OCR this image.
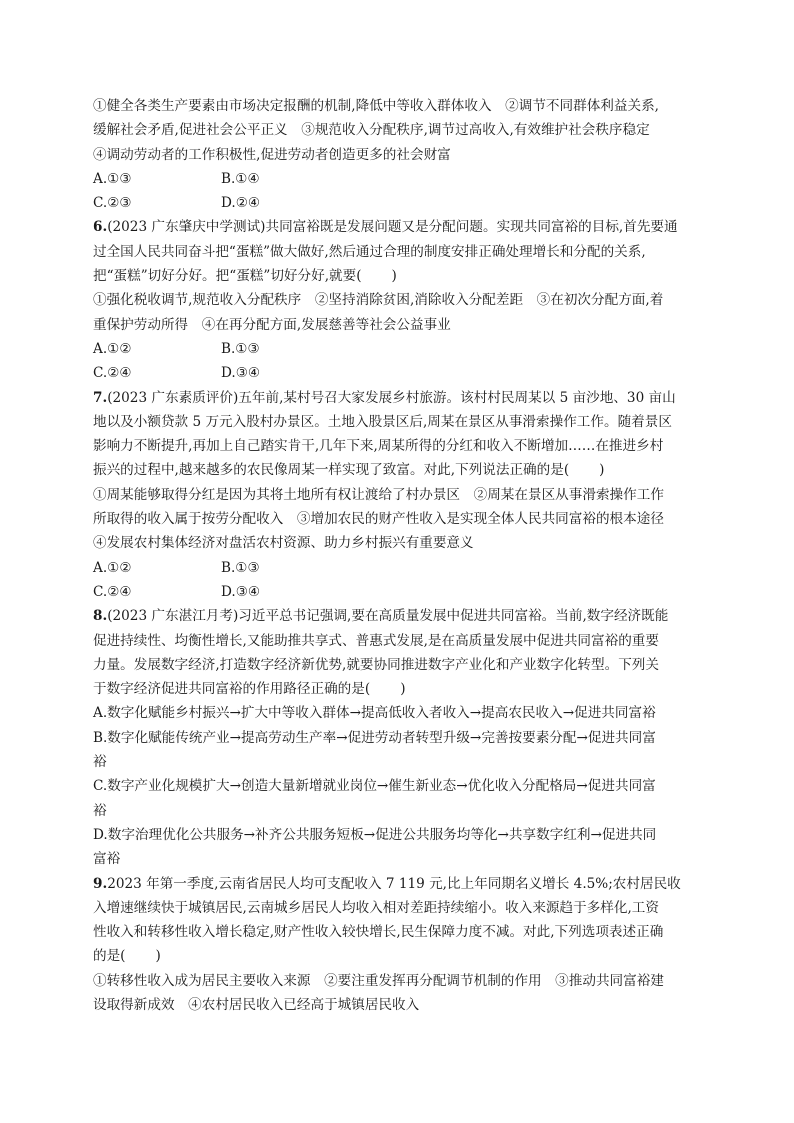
①健全各类生产要素由市场决定报酬的机制,降低中等收入群体收入　②调节不同群体利益关系,
缓解社会矛盾,促进社会公平正义　③规范收入分配秩序,调节过高收入,有效维护社会秩序稳定
④调动劳动者的工作积极性,促进劳动者创造更多的社会财富
A.①③	B.①④
C.②③	D.②④
6.(2023 广东肇庆中学测试)共同富裕既是发展问题又是分配问题。实现共同富裕的目标,首先要通
过全国人民共同奋斗把“蛋糕”做大做好,然后通过合理的制度安排正确处理增长和分配的关系,
把“蛋糕”切好分好。把“蛋糕”切好分好,就要( )
①强化税收调节,规范收入分配秩序　②坚持消除贫困,消除收入分配差距　③在初次分配方面,着
重保护劳动所得　④在再分配方面,发展慈善等社会公益事业
A.①②	B.①③
C.②④	D.③④
7.(2023 广东素质评价)五年前,某村号召大家发展乡村旅游。该村村民周某以 5 亩沙地、30 亩山
地以及小额贷款 5 万元入股村办景区。土地入股景区后,周某在景区从事滑索操作工作。随着景区
影响力不断提升,再加上自己踏实肯干,几年下来,周某所得的分红和收入不断增加……在推进乡村
振兴的过程中,越来越多的农民像周某一样实现了致富。对此,下列说法正确的是( )
①周某能够取得分红是因为其将土地所有权让渡给了村办景区　②周某在景区从事滑索操作工作
所取得的收入属于按劳分配收入　③增加农民的财产性收入是实现全体人民共同富裕的根本途径
④发展农村集体经济对盘活农村资源、助力乡村振兴有重要意义
A.①②	B.①③
C.②④	D.③④
8.(2023 广东湛江月考)习近平总书记强调,要在高质量发展中促进共同富裕。当前,数字经济既能
促进持续性、均衡性增长,又能助推共享式、普惠式发展,是在高质量发展中促进共同富裕的重要
力量。发展数字经济,打造数字经济新优势,就要协同推进数字产业化和产业数字化转型。下列关
于数字经济促进共同富裕的作用路径正确的是( )
A.数字化赋能乡村振兴→扩大中等收入群体→提高低收入者收入→提高农民收入→促进共同富裕
B.数字化赋能传统产业→提高劳动生产率→促进劳动者转型升级→完善按要素分配→促进共同富
裕
C.数字产业化规模扩大→创造大量新增就业岗位→催生新业态→优化收入分配格局→促进共同富
裕
D.数字治理优化公共服务→补齐公共服务短板→促进公共服务均等化→共享数字红利→促进共同
富裕
9.2023 年第一季度,云南省居民人均可支配收入 7 119 元,比上年同期名义增长 4.5%;农村居民收
入增速继续快于城镇居民,云南城乡居民人均收入相对差距持续缩小。收入来源趋于多样化,工资
性收入和转移性收入增长稳定,财产性收入较快增长,民生保障力度不减。对此,下列选项表述正确
的是( )
①转移性收入成为居民主要收入来源　②要注重发挥再分配调节机制的作用　③推动共同富裕建
设取得新成效　④农村居民收入已经高于城镇居民收入
